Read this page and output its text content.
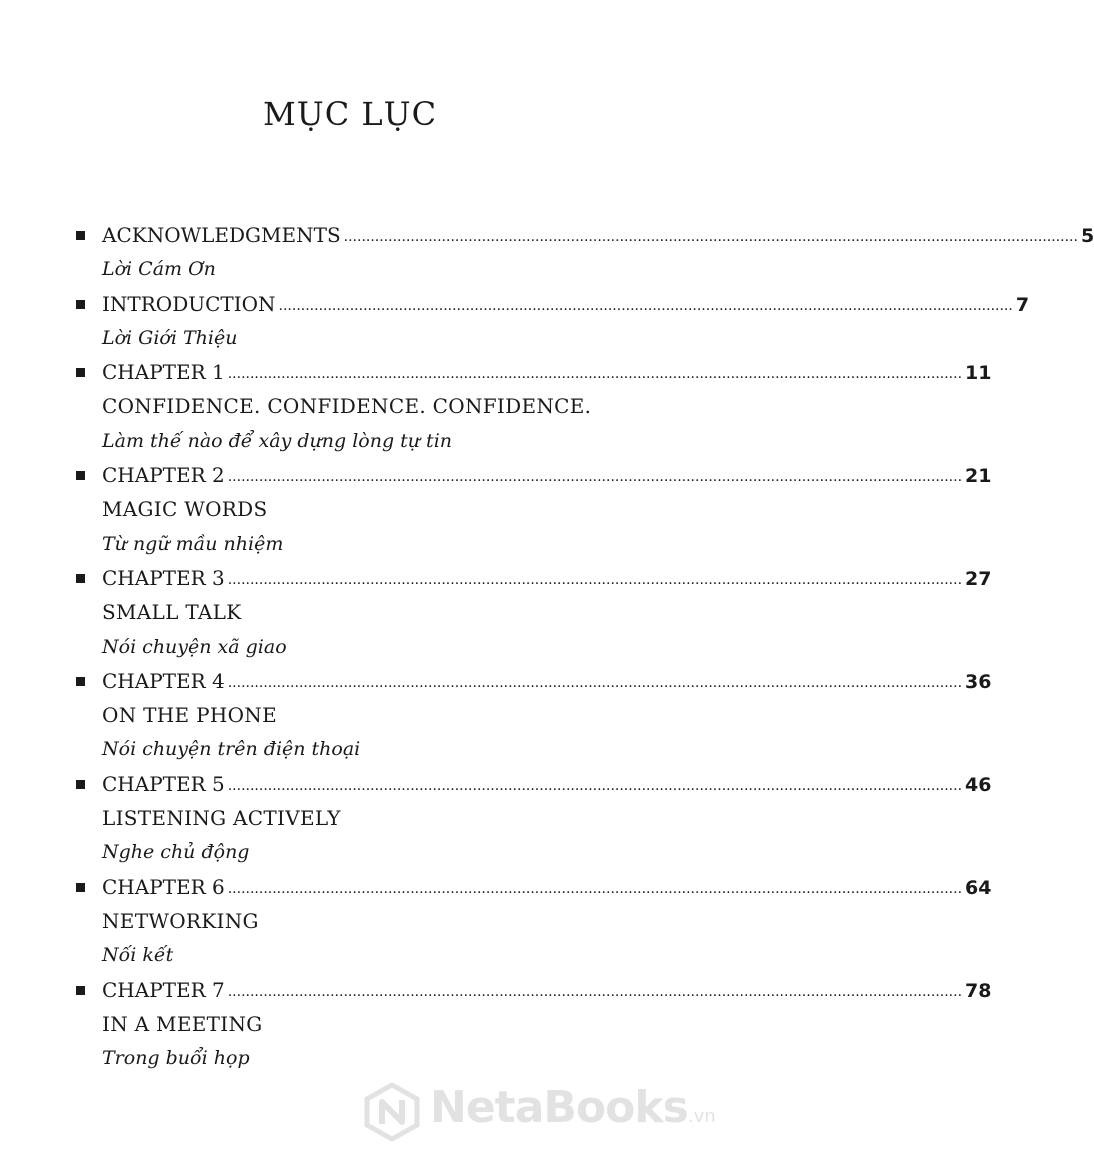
MỤC LỤC
ACKNOWLEDGMENTS .....	5
Lời Cám Ơn
INTRODUCTION .....	7
Lời Giới Thiệu
CHAPTER 1 .....	11
CONFIDENCE. CONFIDENCE. CONFIDENCE.
Làm thế nào để xây dựng lòng tự tin
CHAPTER 2 .....	21
MAGIC WORDS
Từ ngữ mầu nhiệm
CHAPTER 3 .....	27
SMALL TALK
Nói chuyện xã giao
CHAPTER 4 .....	36
ON THE PHONE
Nói chuyện trên điện thoại
CHAPTER 5 .....	46
LISTENING ACTIVELY
Nghe chủ động
CHAPTER 6 .....	64
NETWORKING
Nối kết
CHAPTER 7 .....	78
IN A MEETING
Trong buổi họp
NetaBooks.vn
